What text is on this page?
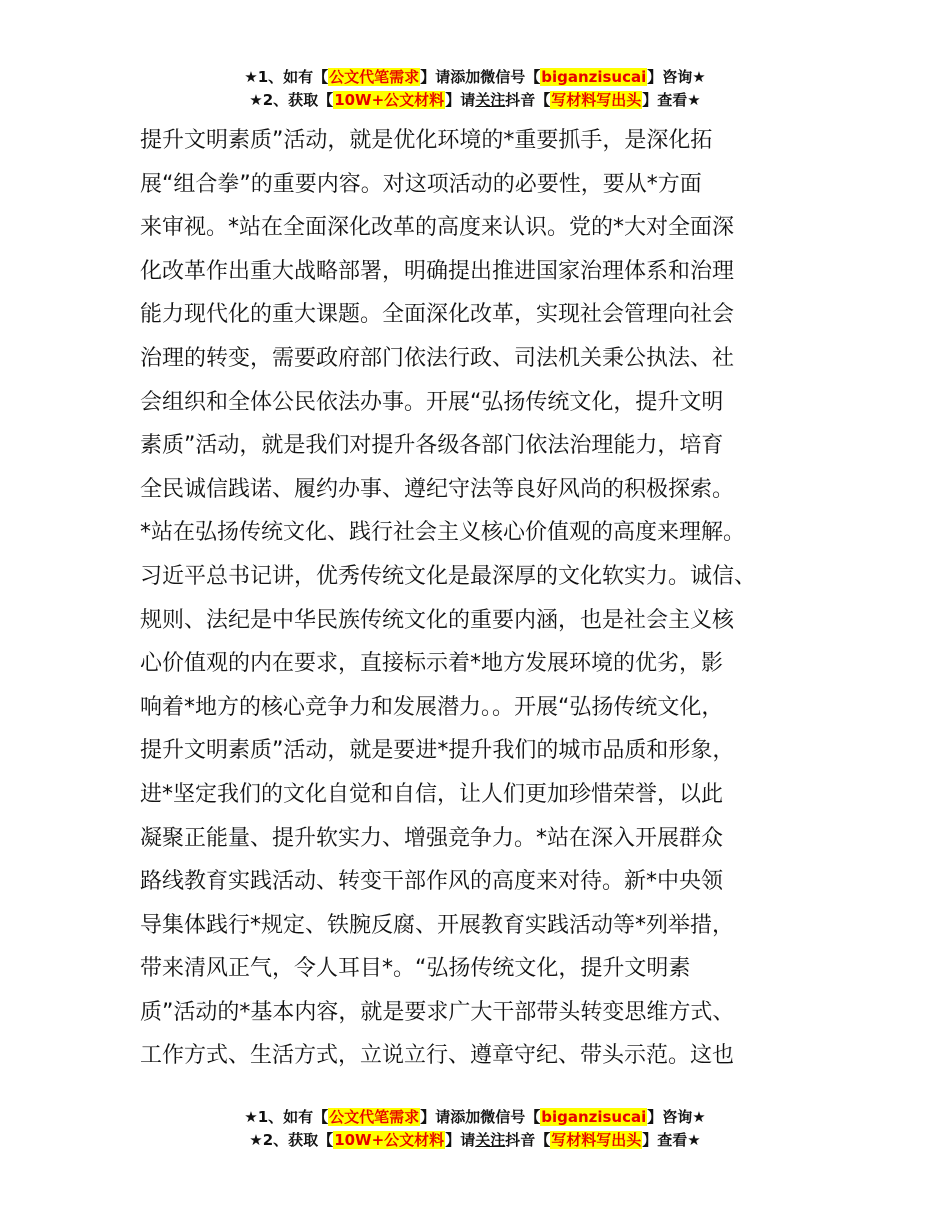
★1、如有【公文代笔需求】请添加微信号【biganzisucai】咨询★
★2、获取【10W+公文材料】请关注抖音【写材料写出头】查看★
提升文明素质”活动，就是优化环境的*重要抓手，是深化拓
展“组合拳”的重要内容。对这项活动的必要性，要从*方面
来审视。*站在全面深化改革的高度来认识。党的*大对全面深
化改革作出重大战略部署，明确提出推进国家治理体系和治理
能力现代化的重大课题。全面深化改革，实现社会管理向社会
治理的转变，需要政府部门依法行政、司法机关秉公执法、社
会组织和全体公民依法办事。开展“弘扬传统文化，提升文明
素质”活动，就是我们对提升各级各部门依法治理能力，培育
全民诚信践诺、履约办事、遵纪守法等良好风尚的积极探索。
*站在弘扬传统文化、践行社会主义核心价值观的高度来理解。
习近平总书记讲，优秀传统文化是最深厚的文化软实力。诚信、
规则、法纪是中华民族传统文化的重要内涵，也是社会主义核
心价值观的内在要求，直接标示着*地方发展环境的优劣，影
响着*地方的核心竞争力和发展潜力。。开展“弘扬传统文化，
提升文明素质”活动，就是要进*提升我们的城市品质和形象，
进*坚定我们的文化自觉和自信，让人们更加珍惜荣誉，以此
凝聚正能量、提升软实力、增强竞争力。*站在深入开展群众
路线教育实践活动、转变干部作风的高度来对待。新*中央领
导集体践行*规定、铁腕反腐、开展教育实践活动等*列举措，
带来清风正气，令人耳目*。“弘扬传统文化，提升文明素
质”活动的*基本内容，就是要求广大干部带头转变思维方式、
工作方式、生活方式，立说立行、遵章守纪、带头示范。这也
★1、如有【公文代笔需求】请添加微信号【biganzisucai】咨询★
★2、获取【10W+公文材料】请关注抖音【写材料写出头】查看★
